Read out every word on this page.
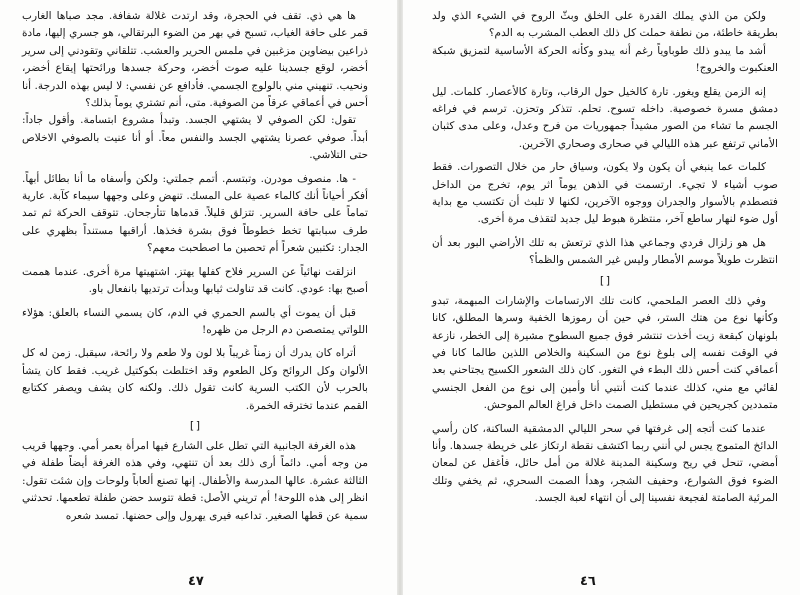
ها هي ذي. تقف في الحجرة، وقد ارتدت غلالة شفافة. مجد صباها الغارب قمر على حافة الغياب، تسبح في بهر من الضوء البرتقالي، هو جسري إليها، مادة ذراعين بيضاوين مزغبين في ملمس الحرير والعشب. تتلقاني وتقودني إلى سرير أخضر، لوقع جسدينا عليه صوت أخضر، وحركة جسدها ورائحتها إيقاع أخضر، ونحيب. تنهيني مني بالولوج الجسمي. فأدافع عن نفسي: لا ليس بهذه الدرجة. أنا أحس في أعماقي عرقاً من الصوفية. متى، أنم تشتري يوماً بذلك؟
تقول: لكن الصوفي لا يشتهي الجسد. وتبدأ مشروع ابتسامة. وأقول جاداً: أبداً. صوفي عصرنا يشتهي الجسد والنفس معاً. أو أنا عنيت بالصوفي الاخلاص حتى التلاشي.
- ها. منصوف مودرن. وتبتسم. أتمم جملتي: ولكن وأسفاه ما أنا بطائل أبهاً. أفكر أحياناً أنك كالماء عصية على المسك. تنهض وعلى وجهها سيماء كآبة. عارية تماماً على حافة السرير. تتزلق قليلاً. قدماها تتأرجحان. تتوقف الحركة ثم تمد طرف سبابتها تخط خطوطاً فوق بشرة فخذها. أراقبها مستنداً بظهري على الجدار: تكتبين شعراً أم تحصين ما اصطحبت معهم؟
انزلقت نهائياً عن السرير فلاح كفلها يهتز. اشتهيتها مرة أخرى. عندما هممت أصبح بها: عودي. كانت قد تناولت ثيابها وبدأت ترتديها بانفعال باو.
قبل أن يموت أي بالسم الحمري في الدم، كان يسمي النساء بالعلق: هؤلاء اللواتي يمتصصن دم الرجل من ظهره!
أتراه كان يدرك أن زمناً غريباً بلا لون ولا طعم ولا رائحة، سيقبل. زمن له كل الألوان وكل الروائح وكل الطعوم وقد اختلطت بكوكتيل غريب. فقط كان يتشأ بالحرب لأن الكتب السرية كانت تقول ذلك. ولكنه كان يشف ويصفر ككتابع القمم عندما تخترقه الخمرة.
[]
هذه الغرفة الجانبية التي تطل على الشارع فيها امرأة بعمر أمي. وجهها قريب من وجه أمي. دائماً أرى ذلك بعد أن تنتهي، وفي هذه الغرفة أيضاً طفلة في الثالثة عشرة. عالها المدرسة والأطفال. إنها تصنع ألعاباً ولوحات وإن شئت تقول: انظر إلى هذه اللوحة! أم تريني الأصل: قطة تتوسد حضن طفلة تطعمها. تحدثني سمية عن قطها الصغير. تداعبه فيرى يهرول وإلى حضنها. تمسد شعره
٤٧
ولكن من الذي يملك القدرة على الخلق وبثّ الروح في الشيء الذي ولد بطريقة خاطئة، من نطفة حملت كل ذلك العطب المشرب به الدم؟
أشد ما يبدو ذلك طوباوياً رغم أنه يبدو وكأنه الحركة الأساسية لتمزيق شبكة العنكبوت والخروج!
إنه الزمن يقلع ويغور. تارة كالخيل حول الرقاب، وتارة كالأعصار. كلمات. ليل دمشق مسرة خصوصية. داخله تسوح. تحلم. تتذكر وتحزن. ترسم في فراغه الجسم ما تشاء من الصور مشيداً جمهوريات من فرح وعدل، وعلى مدى كثبان الأماني ترتفع عبر هذه الليالي في صحارى وصحاري الآخرين.
كلمات عما ينبغي أن يكون ولا يكون، وسياق حار من خلال التصورات. فقط صوب أشياء لا تجيء. ارتسمت في الذهن يوماً اثر يوم، تخرج من الداخل فتصطدم بالأسوار والجدران ووجوه الآخرين، لكنها لا تلبث أن تكتسب مع بداية أول ضوء لنهار ساطع آخر، منتظرة هبوط ليل جديد لتقذف مرة أخرى.
هل هو زلزال فردي وجماعي هذا الذي ترتعش به تلك الأراضي البور بعد أن انتظرت طويلاً موسم الأمطار وليس غير الشمس والظمأ؟
[]
وفي ذلك العصر الملحمي، كانت تلك الارتسامات والإشارات المبهمة، تبدو وكأنها نوع من هتك الستر، في حين أن رموزها الخفية وسرها المطلق، كانا بلونهان كبقعة زيت أخذت تنتشر فوق جميع السطوح مشيرة إلى الخطر، نازعة في الوقت نفسه إلى بلوغ نوع من السكينة والخلاص اللذين طالما كانا في أعماقي كنت أحس ذلك البطء في التغور. كان ذلك الشعور الكسيح يجتاحني بعد لقائي مع مني، كذلك عندما كنت أنتبي أنا وأمين إلى نوع من الفعل الجنسي متمددين كجريحين في مستطيل الصمت داخل فراغ العالم الموحش.
عندما كنت أتجه إلى غرفتها في سحر الليالي الدمشقية الساكنة، كان رأسي الدائخ المتموج يجس لي أنني ربما اكتشف نقطة ارتكاز على خريطة جسدها. وأنا أمضي، تنحل في ريح وسكينة المدينة غلالة من أمل حائل، فأغفل عن لمعان الضوء فوق الشوارع، وحفيف الشجر، وهدأ الصمت السحري، ثم يخفي وتلك المرئية الصامتة لفجيعة نفسينا إلى أن انتهاء لعبة الجسد.
٤٦
